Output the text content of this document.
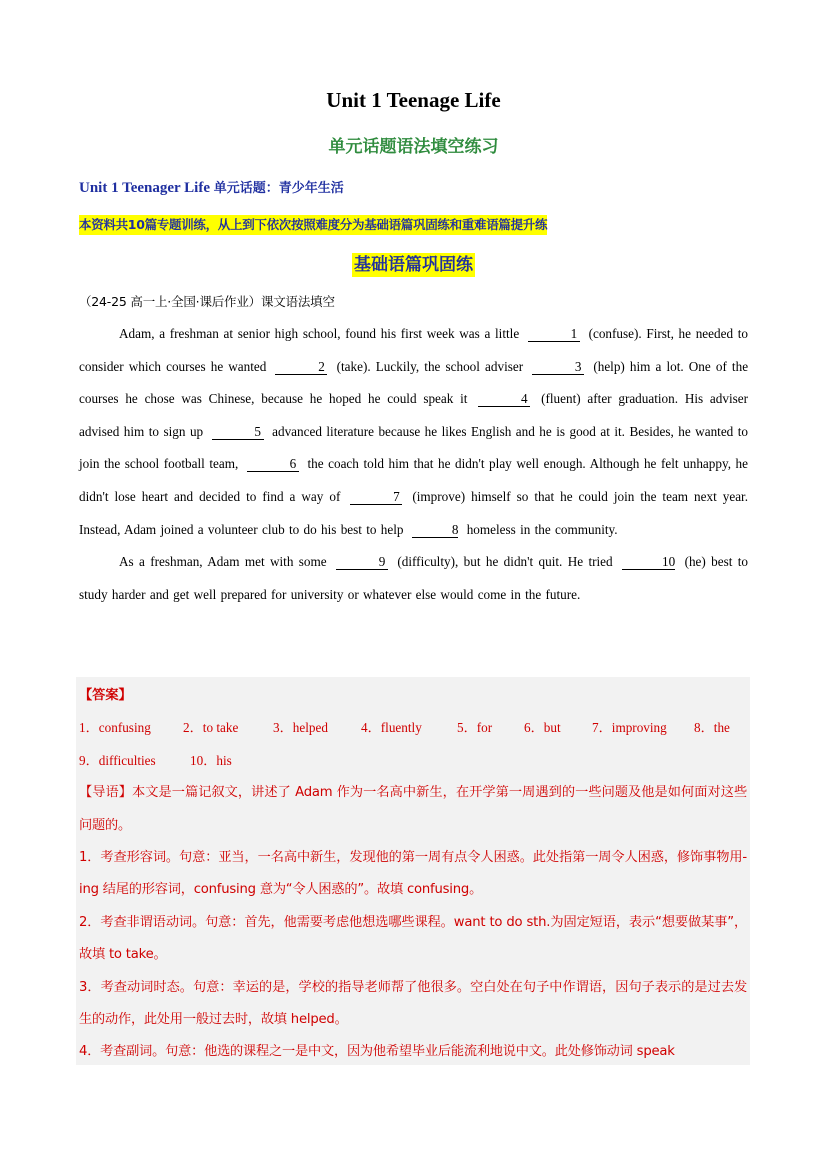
Unit 1 Teenage Life
单元话题语法填空练习
Unit 1 Teenager Life 单元话题：青少年生活
本资料共10篇专题训练，从上到下依次按照难度分为基础语篇巩固练和重难语篇提升练
基础语篇巩固练
（24-25 高一上·全国·课后作业）课文语法填空

Adam, a freshman at senior high school, found his first week was a little	1 (confuse). First, he needed to consider which courses he wanted	2 (take). Luckily, the school adviser	3 (help) him a lot. One of the courses he chose was Chinese, because he hoped he could speak it	4 (fluent) after graduation. His adviser advised him to sign up	5 advanced literature because he likes English and he is good at it. Besides, he wanted to join the school football team,	6 the coach told him that he didn't play well enough. Although he felt unhappy, he didn't lose heart and decided to find a way of	7 (improve) himself so that he could join the team next year. Instead, Adam joined a volunteer club to do his best to help	8 homeless in the community.

As a freshman, Adam met with some	9 (difficulty), but he didn't quit. He tried	10 (he) best to study harder and get well prepared for university or whatever else would come in the future.

【答案】
1．confusing 2．to take	3．helped	4．fluently	5．for 6．but 7．improving 8．the
9．difficulties	10．his

【导语】本文是一篇记叙文，讲述了 Adam 作为一名高中新生，在开学第一周遇到的一些问题及他是如何面对这些问题的。

1．考查形容词。句意：亚当，一名高中新生，发现他的第一周有点令人困惑。此处指第一周令人困惑，修饰事物用-ing 结尾的形容词，confusing 意为“令人困惑的”。故填 confusing。

2．考查非谓语动词。句意：首先，他需要考虑他想选哪些课程。want to do sth.为固定短语，表示“想要做某事”，故填 to take。

3．考查动词时态。句意：幸运的是，学校的指导老师帮了他很多。空白处在句子中作谓语，因句子表示的是过去发生的动作，此处用一般过去时，故填 helped。

4．考查副词。句意：他选的课程之一是中文，因为他希望毕业后能流利地说中文。此处修饰动词 speak
